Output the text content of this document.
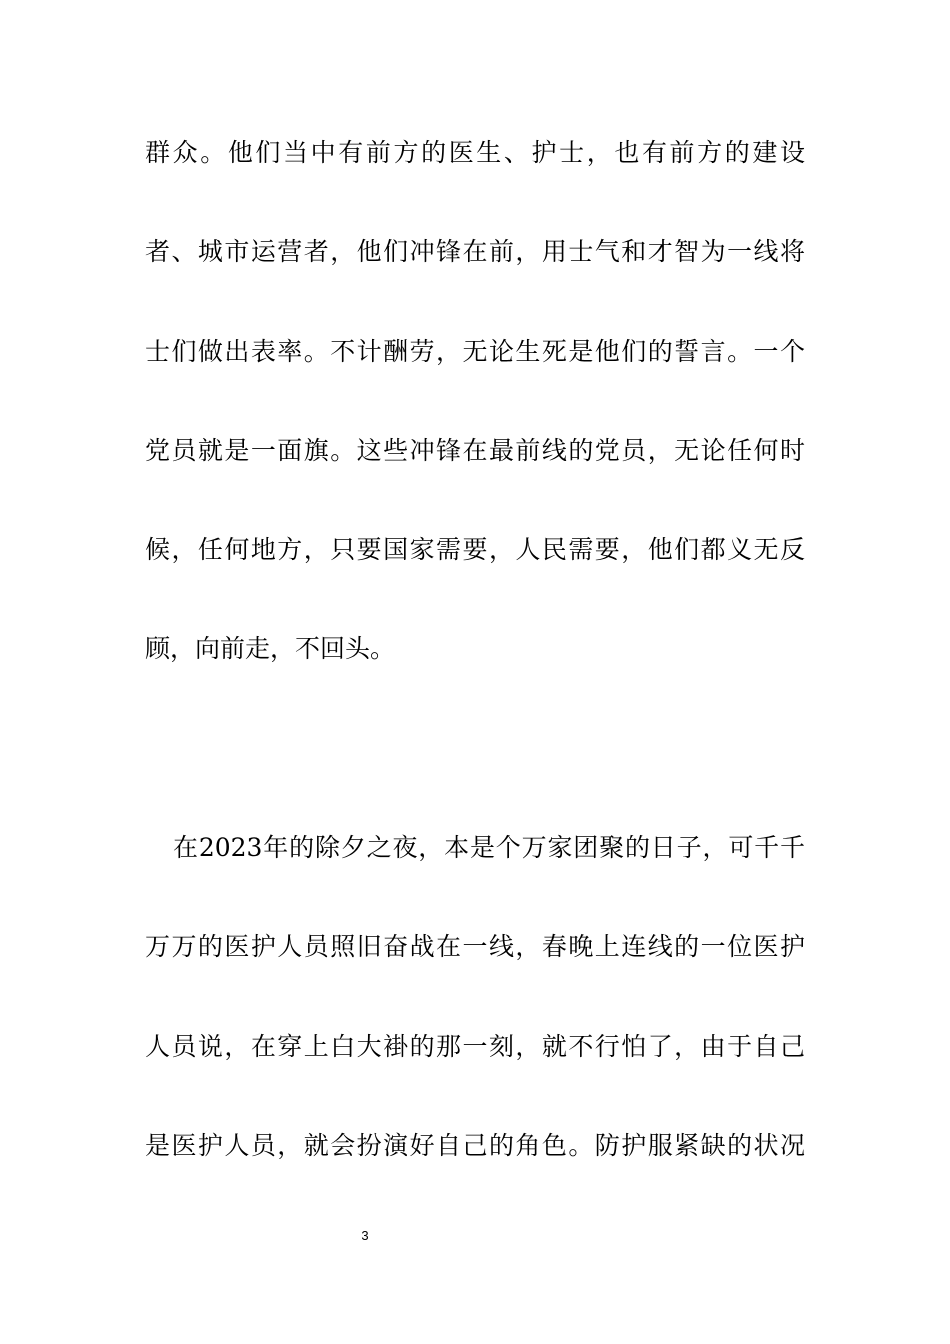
群众。他们当中有前方的医生、护士，也有前方的建设
者、城市运营者，他们冲锋在前，用士气和才智为一线将
士们做出表率。不计酬劳，无论生死是他们的誓言。一个
党员就是一面旗。这些冲锋在最前线的党员，无论任何时
候，任何地方，只要国家需要，人民需要，他们都义无反
顾，向前走，不回头。
在2023年的除夕之夜，本是个万家团聚的日子，可千千
万万的医护人员照旧奋战在一线，春晚上连线的一位医护
人员说，在穿上白大褂的那一刻，就不行怕了，由于自己
是医护人员，就会扮演好自己的角色。防护服紧缺的状况
3
